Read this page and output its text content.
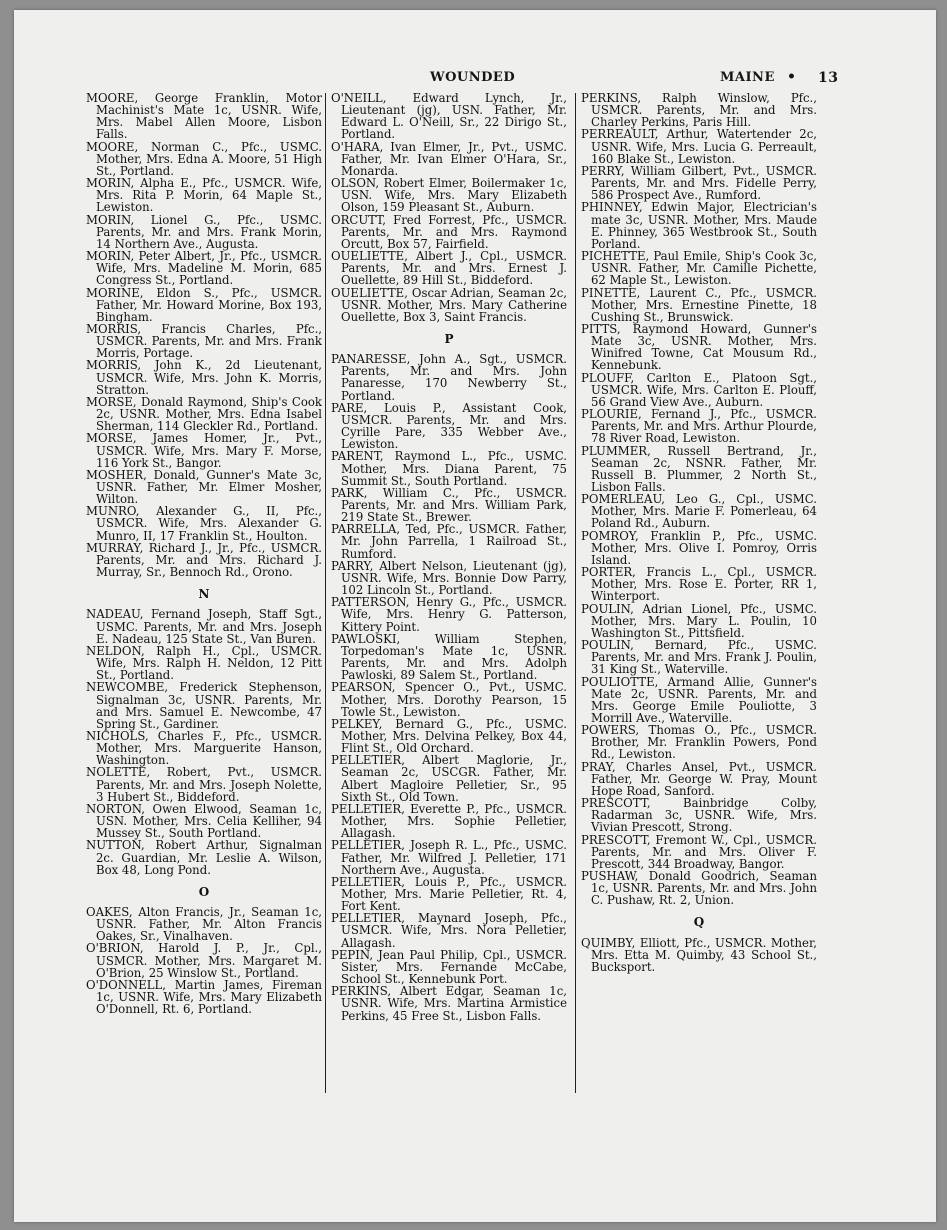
WOUNDED	MAINE • 13

MOORE, George Franklin, Motor Machinist's Mate 1c, USNR. Wife, Mrs. Mabel Allen Moore, Lisbon Falls.

MOORE, Norman C., Pfc., USMC. Mother, Mrs. Edna A. Moore, 51 High St., Portland.

MORIN, Alpha E., Pfc., USMCR. Wife, Mrs. Rita P. Morin, 64 Maple St., Lewiston.

MORIN, Lionel G., Pfc., USMC. Parents, Mr. and Mrs. Frank Morin, 14 Northern Ave., Augusta.

MORIN, Peter Albert, Jr., Pfc., USMCR. Wife, Mrs. Madeline M. Morin, 685 Congress St., Portland.

MORINE, Eldon S., Pfc., USMCR. Father, Mr. Howard Morine, Box 193, Bingham.

MORRIS, Francis Charles, Pfc., USMCR. Parents, Mr. and Mrs. Frank Morris, Portage.

MORRIS, John K., 2d Lieutenant, USMCR. Wife, Mrs. John K. Morris, Stratton.

MORSE, Donald Raymond, Ship's Cook 2c, USNR. Mother, Mrs. Edna Isabel Sherman, 114 Gleckler Rd., Portland.

MORSE, James Homer, Jr., Pvt., USMCR. Wife, Mrs. Mary F. Morse, 116 York St., Bangor.

MOSHER, Donald, Gunner's Mate 3c, USNR. Father, Mr. Elmer Mosher, Wilton.

MUNRO, Alexander G., II, Pfc., USMCR. Wife, Mrs. Alexander G. Munro, II, 17 Franklin St., Houlton.

MURRAY, Richard J., Jr., Pfc., USMCR. Parents, Mr. and Mrs. Richard J. Murray, Sr., Bennoch Rd., Orono.

N

NADEAU, Fernand Joseph, Staff Sgt., USMC. Parents, Mr. and Mrs. Joseph E. Nadeau, 125 State St., Van Buren.

NELDON, Ralph H., Cpl., USMCR. Wife, Mrs. Ralph H. Neldon, 12 Pitt St., Portland.

NEWCOMBE, Frederick Stephenson, Signalman 3c, USNR. Parents, Mr. and Mrs. Samuel E. Newcombe, 47 Spring St., Gardiner.

NICHOLS, Charles F., Pfc., USMCR. Mother, Mrs. Marguerite Hanson, Washington.

NOLETTE, Robert, Pvt., USMCR. Parents, Mr. and Mrs. Joseph Nolette, 3 Hubert St., Biddeford.

NORTON, Owen Elwood, Seaman 1c, USN. Mother, Mrs. Celia Kelliher, 94 Mussey St., South Portland.

NUTTON, Robert Arthur, Signalman 2c. Guardian, Mr. Leslie A. Wilson, Box 48, Long Pond.

O

OAKES, Alton Francis, Jr., Seaman 1c, USNR. Father, Mr. Alton Francis Oakes, Sr., Vinalhaven.

O'BRION, Harold J. P., Jr., Cpl., USMCR. Mother, Mrs. Margaret M. O'Brion, 25 Winslow St., Portland.

O'DONNELL, Martin James, Fireman 1c, USNR. Wife, Mrs. Mary Elizabeth O'Donnell, Rt. 6, Portland.

O'NEILL, Edward Lynch, Jr., Lieutenant (jg), USN. Father, Mr. Edward L. O'Neill, Sr., 22 Dirigo St., Portland.

O'HARA, Ivan Elmer, Jr., Pvt., USMC. Father, Mr. Ivan Elmer O'Hara, Sr., Monarda.

OLSON, Robert Elmer, Boilermaker 1c, USN. Wife, Mrs. Mary Elizabeth Olson, 159 Pleasant St., Auburn.

ORCUTT, Fred Forrest, Pfc., USMCR. Parents, Mr. and Mrs. Raymond Orcutt, Box 57, Fairfield.

OUELIETTE, Albert J., Cpl., USMCR. Parents, Mr. and Mrs. Ernest J. Ouellette, 89 Hill St., Biddeford.

OUELIETTE, Oscar Adrian, Seaman 2c, USNR. Mother, Mrs. Mary Catherine Ouellette, Box 3, Saint Francis.

P

PANARESSE, John A., Sgt., USMCR. Parents, Mr. and Mrs. John Panaresse, 170 Newberry St., Portland.

PARE, Louis P., Assistant Cook, USMCR. Parents, Mr. and Mrs. Cyrille Pare, 335 Webber Ave., Lewiston.

PARENT, Raymond L., Pfc., USMC. Mother, Mrs. Diana Parent, 75 Summit St., South Portland.

PARK, William C., Pfc., USMCR. Parents, Mr. and Mrs. William Park, 219 State St., Brewer.

PARRELLA, Ted, Pfc., USMCR. Father, Mr. John Parrella, 1 Railroad St., Rumford.

PARRY, Albert Nelson, Lieutenant (jg), USNR. Wife, Mrs. Bonnie Dow Parry, 102 Lincoln St., Portland.

PATTERSON, Henry G., Pfc., USMCR. Wife, Mrs. Henry G. Patterson, Kittery Point.

PAWLOSKI, William Stephen, Torpedoman's Mate 1c, USNR. Parents, Mr. and Mrs. Adolph Pawloski, 89 Salem St., Portland.

PEARSON, Spencer O., Pvt., USMC. Mother, Mrs. Dorothy Pearson, 15 Towle St., Lewiston.

PELKEY, Bernard G., Pfc., USMC. Mother, Mrs. Delvina Pelkey, Box 44, Flint St., Old Orchard.

PELLETIER, Albert Maglorie, Jr., Seaman 2c, USCGR. Father, Mr. Albert Magloire Pelletier, Sr., 95 Sixth St., Old Town.

PELLETIER, Everette P., Pfc., USMCR. Mother, Mrs. Sophie Pelletier, Allagash.

PELLETIER, Joseph R. L., Pfc., USMC. Father, Mr. Wilfred J. Pelletier, 171 Northern Ave., Augusta.

PELLETIER, Louis P., Pfc., USMCR. Mother, Mrs. Marie Pelletier, Rt. 4, Fort Kent.

PELLETIER, Maynard Joseph, Pfc., USMCR. Wife, Mrs. Nora Pelletier, Allagash.

PEPIN, Jean Paul Philip, Cpl., USMCR. Sister, Mrs. Fernande McCabe, School St., Kennebunk Port.

PERKINS, Albert Edgar, Seaman 1c, USNR. Wife, Mrs. Martina Armistice Perkins, 45 Free St., Lisbon Falls.

PERKINS, Ralph Winslow, Pfc., USMCR. Parents, Mr. and Mrs. Charley Perkins, Paris Hill.

PERREAULT, Arthur, Watertender 2c, USNR. Wife, Mrs. Lucia G. Perreault, 160 Blake St., Lewiston.

PERRY, William Gilbert, Pvt., USMCR. Parents, Mr. and Mrs. Fidelle Perry, 586 Prospect Ave., Rumford.

PHINNEY, Edwin Major, Electrician's mate 3c, USNR. Mother, Mrs. Maude E. Phinney, 365 Westbrook St., South Porland.

PICHETTE, Paul Emile, Ship's Cook 3c, USNR. Father, Mr. Camille Pichette, 62 Maple St., Lewiston.

PINETTE, Laurent C., Pfc., USMCR. Mother, Mrs. Ernestine Pinette, 18 Cushing St., Brunswick.

PITTS, Raymond Howard, Gunner's Mate 3c, USNR. Mother, Mrs. Winifred Towne, Cat Mousum Rd., Kennebunk.

PLOUFF, Carlton E., Platoon Sgt., USMCR. Wife, Mrs. Carlton E. Plouff, 56 Grand View Ave., Auburn.

PLOURIE, Fernand J., Pfc., USMCR. Parents, Mr. and Mrs. Arthur Plourde, 78 River Road, Lewiston.

PLUMMER, Russell Bertrand, Jr., Seaman 2c, NSNR. Father, Mr. Russell B. Plummer, 2 North St., Lisbon Falls.

POMERLEAU, Leo G., Cpl., USMC. Mother, Mrs. Marie F. Pomerleau, 64 Poland Rd., Auburn.

POMROY, Franklin P., Pfc., USMC. Mother, Mrs. Olive I. Pomroy, Orris Island.

PORTER, Francis L., Cpl., USMCR. Mother, Mrs. Rose E. Porter, RR 1, Winterport.

POULIN, Adrian Lionel, Pfc., USMC. Mother, Mrs. Mary L. Poulin, 10 Washington St., Pittsfield.

POULIN, Bernard, Pfc., USMC. Parents, Mr. and Mrs. Frank J. Poulin, 31 King St., Waterville.

POULIOTTE, Armand Allie, Gunner's Mate 2c, USNR. Parents, Mr. and Mrs. George Emile Pouliotte, 3 Morrill Ave., Waterville.

POWERS, Thomas O., Pfc., USMCR. Brother, Mr. Franklin Powers, Pond Rd., Lewiston.

PRAY, Charles Ansel, Pvt., USMCR. Father, Mr. George W. Pray, Mount Hope Road, Sanford.

PRESCOTT, Bainbridge Colby, Radarman 3c, USNR. Wife, Mrs. Vivian Prescott, Strong.

PRESCOTT, Fremont W., Cpl., USMCR. Parents, Mr. and Mrs. Oliver F. Prescott, 344 Broadway, Bangor.

PUSHAW, Donald Goodrich, Seaman 1c, USNR. Parents, Mr. and Mrs. John C. Pushaw, Rt. 2, Union.

Q

QUIMBY, Elliott, Pfc., USMCR. Mother, Mrs. Etta M. Quimby, 43 School St., Bucksport.
